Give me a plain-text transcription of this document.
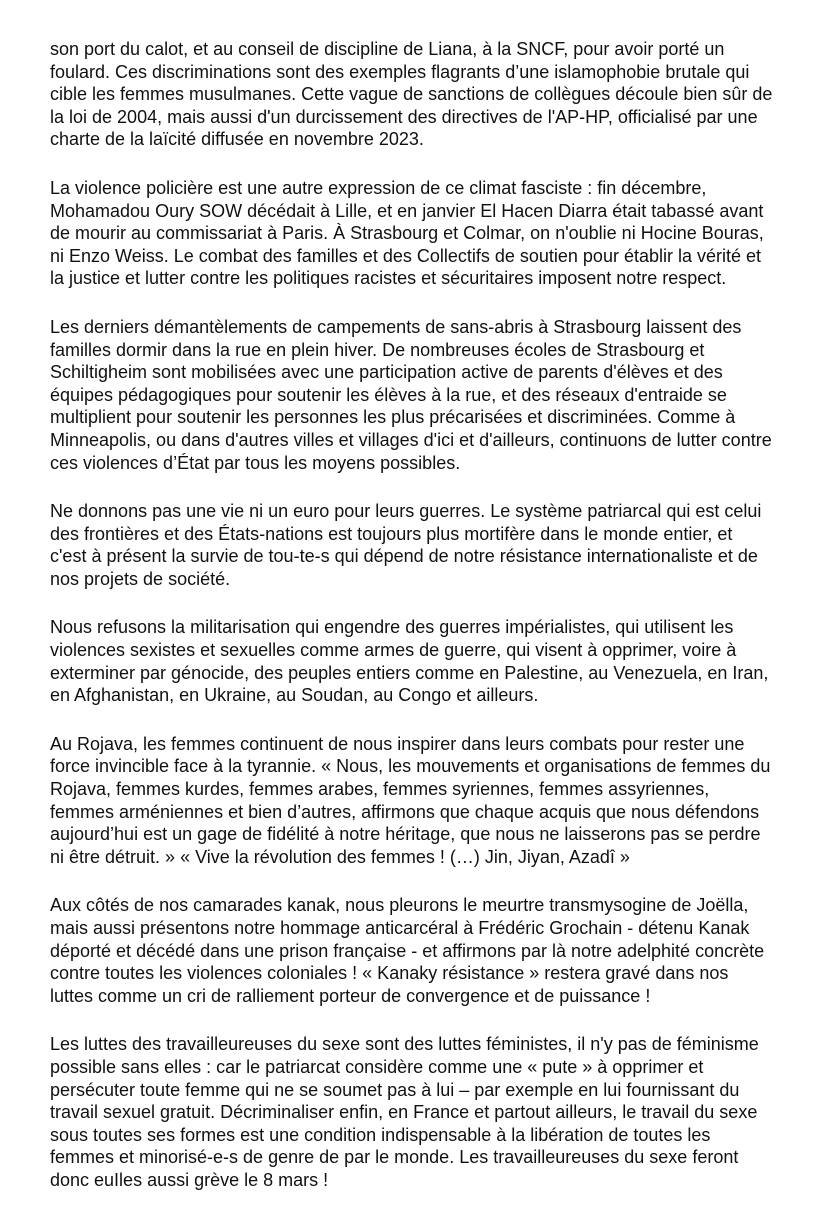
son port du calot, et au conseil de discipline de Liana, à la SNCF, pour avoir porté un
foulard. Ces discriminations sont des exemples flagrants d’une islamophobie brutale qui
cible les femmes musulmanes. Cette vague de sanctions de collègues découle bien sûr de
la loi de 2004, mais aussi d'un durcissement des directives de l'AP-HP, officialisé par une
charte de la laïcité diffusée en novembre 2023.

La violence policière est une autre expression de ce climat fasciste : fin décembre,
Mohamadou Oury SOW décédait à Lille, et en janvier El Hacen Diarra était tabassé avant
de mourir au commissariat à Paris. À Strasbourg et Colmar, on n'oublie ni Hocine Bouras,
ni Enzo Weiss. Le combat des familles et des Collectifs de soutien pour établir la vérité et
la justice et lutter contre les politiques racistes et sécuritaires imposent notre respect.

Les derniers démantèlements de campements de sans-abris à Strasbourg laissent des
familles dormir dans la rue en plein hiver. De nombreuses écoles de Strasbourg et
Schiltigheim sont mobilisées avec une participation active de parents d'élèves et des
équipes pédagogiques pour soutenir les élèves à la rue, et des réseaux d'entraide se
multiplient pour soutenir les personnes les plus précarisées et discriminées. Comme à
Minneapolis, ou dans d'autres villes et villages d'ici et d'ailleurs, continuons de lutter contre
ces violences d’État par tous les moyens possibles.

Ne donnons pas une vie ni un euro pour leurs guerres. Le système patriarcal qui est celui
des frontières et des États-nations est toujours plus mortifère dans le monde entier, et
c'est à présent la survie de tou-te-s qui dépend de notre résistance internationaliste et de
nos projets de société.

Nous refusons la militarisation qui engendre des guerres impérialistes, qui utilisent les
violences sexistes et sexuelles comme armes de guerre, qui visent à opprimer, voire à
exterminer par génocide, des peuples entiers comme en Palestine, au Venezuela, en Iran,
en Afghanistan, en Ukraine, au Soudan, au Congo et ailleurs.

Au Rojava, les femmes continuent de nous inspirer dans leurs combats pour rester une
force invincible face à la tyrannie. « Nous, les mouvements et organisations de femmes du
Rojava, femmes kurdes, femmes arabes, femmes syriennes, femmes assyriennes,
femmes arméniennes et bien d’autres, affirmons que chaque acquis que nous défendons
aujourd’hui est un gage de fidélité à notre héritage, que nous ne laisserons pas se perdre
ni être détruit. » « Vive la révolution des femmes ! (…) Jin, Jiyan, Azadî »

Aux côtés de nos camarades kanak, nous pleurons le meurtre transmysogine de Joëlla,
mais aussi présentons notre hommage anticarcéral à Frédéric Grochain - détenu Kanak
déporté et décédé dans une prison française - et affirmons par là notre adelphité concrète
contre toutes les violences coloniales ! « Kanaky résistance » restera gravé dans nos
luttes comme un cri de ralliement porteur de convergence et de puissance !

Les luttes des travailleureuses du sexe sont des luttes féministes, il n'y pas de féminisme
possible sans elles : car le patriarcat considère comme une « pute » à opprimer et
persécuter toute femme qui ne se soumet pas à lui – par exemple en lui fournissant du
travail sexuel gratuit. Décriminaliser enfin, en France et partout ailleurs, le travail du sexe
sous toutes ses formes est une condition indispensable à la libération de toutes les
femmes et minorisé-e-s de genre de par le monde. Les travailleureuses du sexe feront
donc euIles aussi grève le 8 mars !
